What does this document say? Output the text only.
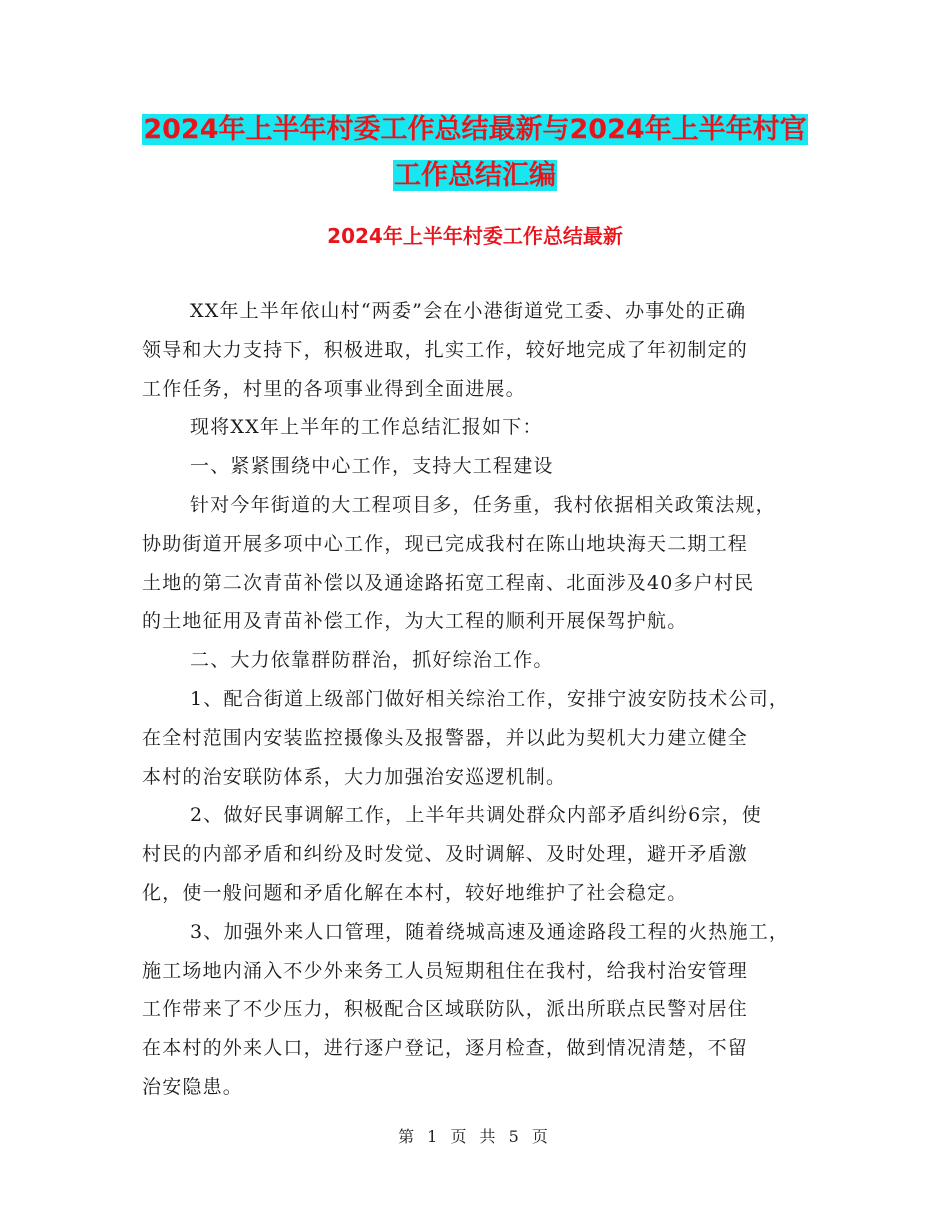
2024年上半年村委工作总结最新与2024年上半年村官
工作总结汇编
2024年上半年村委工作总结最新

XX年上半年依山村“两委”会在小港街道党工委、办事处的正确

领导和大力支持下，积极进取，扎实工作，较好地完成了年初制定的

工作任务，村里的各项事业得到全面进展。

现将XX年上半年的工作总结汇报如下：

一、紧紧围绕中心工作，支持大工程建设

针对今年街道的大工程项目多，任务重，我村依据相关政策法规，

协助街道开展多项中心工作，现已完成我村在陈山地块海天二期工程

土地的第二次青苗补偿以及通途路拓宽工程南、北面涉及40多户村民

的土地征用及青苗补偿工作，为大工程的顺利开展保驾护航。

二、大力依靠群防群治，抓好综治工作。

1、配合街道上级部门做好相关综治工作，安排宁波安防技术公司，

在全村范围内安装监控摄像头及报警器，并以此为契机大力建立健全

本村的治安联防体系，大力加强治安巡逻机制。

2、做好民事调解工作，上半年共调处群众内部矛盾纠纷6宗，使

村民的内部矛盾和纠纷及时发觉、及时调解、及时处理，避开矛盾激

化，使一般问题和矛盾化解在本村，较好地维护了社会稳定。

3、加强外来人口管理，随着绕城高速及通途路段工程的火热施工，

施工场地内涌入不少外来务工人员短期租住在我村，给我村治安管理

工作带来了不少压力，积极配合区域联防队，派出所联点民警对居住

在本村的外来人口，进行逐户登记，逐月检查，做到情况清楚，不留

治安隐患。

第 1 页 共 5 页
